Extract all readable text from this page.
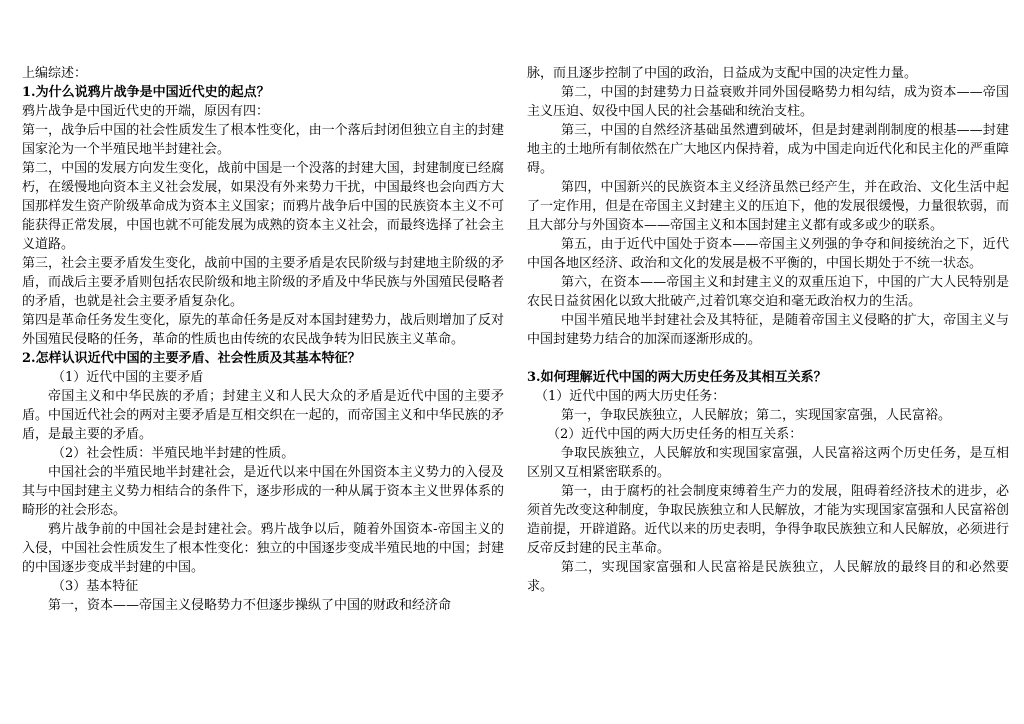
上编综述：

1.为什么说鸦片战争是中国近代史的起点？

鸦片战争是中国近代史的开端，原因有四：

第一，战争后中国的社会性质发生了根本性变化，由一个落后封闭但独立自主的封建国家沦为一个半殖民地半封建社会。

第二，中国的发展方向发生变化，战前中国是一个没落的封建大国，封建制度已经腐朽，在缓慢地向资本主义社会发展，如果没有外来势力干扰，中国最终也会向西方大国那样发生资产阶级革命成为资本主义国家；而鸦片战争后中国的民族资本主义不可能获得正常发展，中国也就不可能发展为成熟的资本主义社会，而最终选择了社会主义道路。

第三，社会主要矛盾发生变化，战前中国的主要矛盾是农民阶级与封建地主阶级的矛盾，而战后主要矛盾则包括农民阶级和地主阶级的矛盾及中华民族与外国殖民侵略者的矛盾，也就是社会主要矛盾复杂化。

第四是革命任务发生变化，原先的革命任务是反对本国封建势力，战后则增加了反对外国殖民侵略的任务，革命的性质也由传统的农民战争转为旧民族主义革命。

2.怎样认识近代中国的主要矛盾、社会性质及其基本特征？

（1）近代中国的主要矛盾

帝国主义和中华民族的矛盾；封建主义和人民大众的矛盾是近代中国的主要矛盾。中国近代社会的两对主要矛盾是互相交织在一起的，而帝国主义和中华民族的矛盾，是最主要的矛盾。

（2）社会性质：半殖民地半封建的性质。

中国社会的半殖民地半封建社会，是近代以来中国在外国资本主义势力的入侵及其与中国封建主义势力相结合的条件下，逐步形成的一种从属于资本主义世界体系的畸形的社会形态。

鸦片战争前的中国社会是封建社会。鸦片战争以后，随着外国资本-帝国主义的入侵，中国社会性质发生了根本性变化：独立的中国逐步变成半殖民地的中国；封建的中国逐步变成半封建的中国。

（3）基本特征

第一，资本——帝国主义侵略势力不但逐步操纵了中国的财政和经济命

脉，而且逐步控制了中国的政治，日益成为支配中国的决定性力量。

第二，中国的封建势力日益衰败并同外国侵略势力相勾结，成为资本——帝国主义压迫、奴役中国人民的社会基础和统治支柱。

第三，中国的自然经济基础虽然遭到破坏，但是封建剥削制度的根基——封建地主的土地所有制依然在广大地区内保持着，成为中国走向近代化和民主化的严重障碍。

第四，中国新兴的民族资本主义经济虽然已经产生，并在政治、文化生活中起了一定作用，但是在帝国主义封建主义的压迫下，他的发展很缓慢，力量很软弱，而且大部分与外国资本——帝国主义和本国封建主义都有或多或少的联系。

第五，由于近代中国处于资本——帝国主义列强的争夺和间接统治之下，近代中国各地区经济、政治和文化的发展是极不平衡的，中国长期处于不统一状态。

第六，在资本——帝国主义和封建主义的双重压迫下，中国的广大人民特别是农民日益贫困化以致大批破产,过着饥寒交迫和毫无政治权力的生活。

中国半殖民地半封建社会及其特征，是随着帝国主义侵略的扩大，帝国主义与中国封建势力结合的加深而逐渐形成的。

3.如何理解近代中国的两大历史任务及其相互关系？

（1）近代中国的两大历史任务：

第一，争取民族独立，人民解放；第二，实现国家富强，人民富裕。

（2）近代中国的两大历史任务的相互关系：

争取民族独立，人民解放和实现国家富强，人民富裕这两个历史任务，是互相区别又互相紧密联系的。

第一，由于腐朽的社会制度束缚着生产力的发展，阻碍着经济技术的进步，必须首先改变这种制度，争取民族独立和人民解放，才能为实现国家富强和人民富裕创造前提，开辟道路。近代以来的历史表明，争得争取民族独立和人民解放，必须进行反帝反封建的民主革命。

第二，实现国家富强和人民富裕是民族独立，人民解放的最终目的和必然要求。
